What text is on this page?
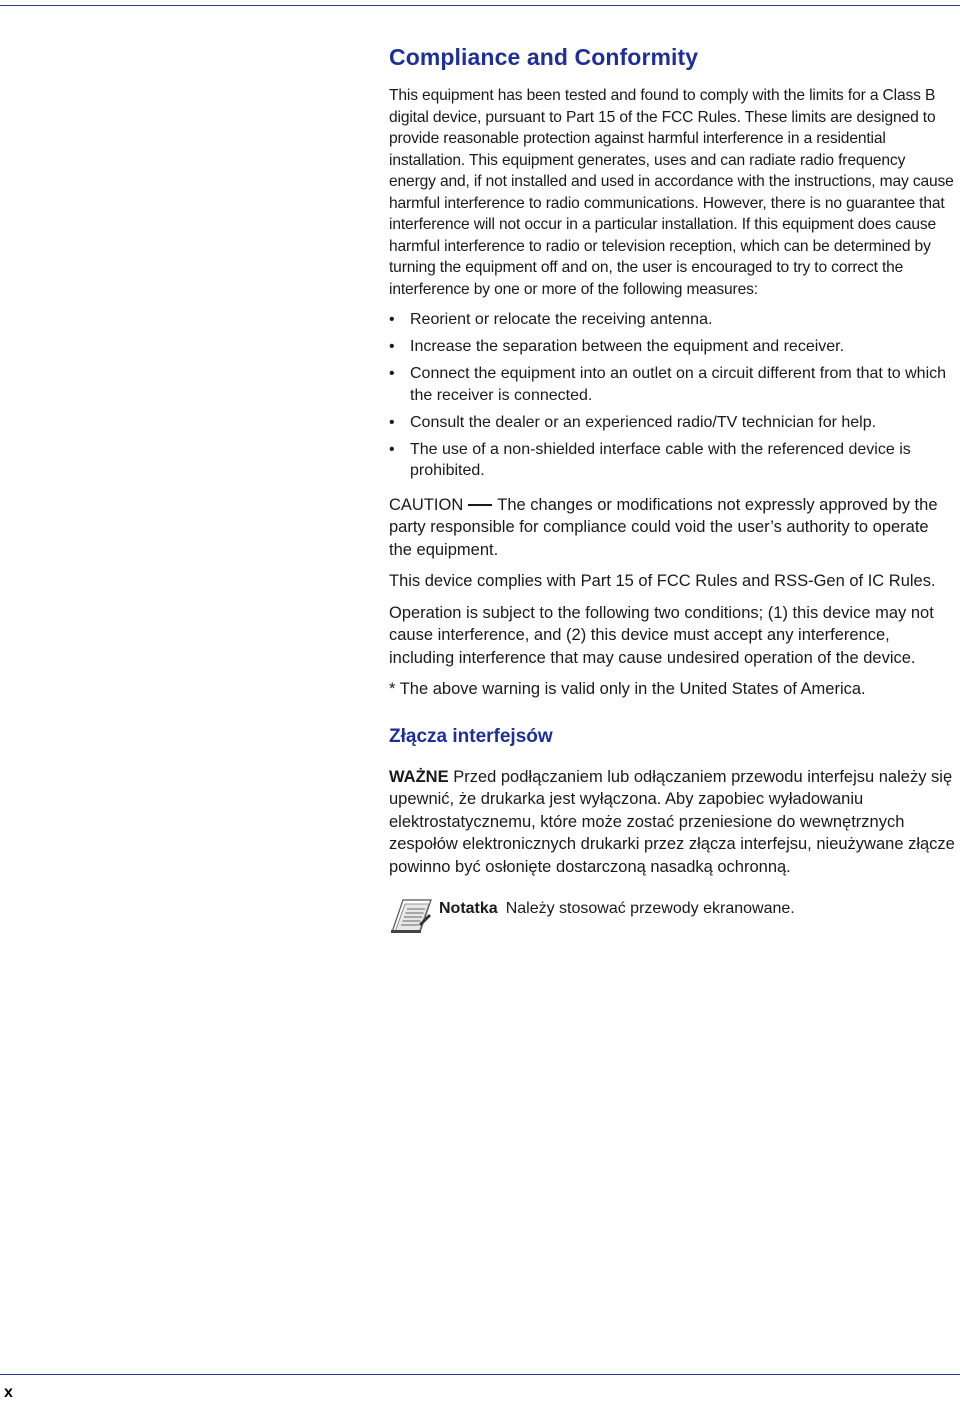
Compliance and Conformity

This equipment has been tested and found to comply with the limits for a Class B digital device, pursuant to Part 15 of the FCC Rules. These limits are designed to provide reasonable protection against harmful interference in a residential installation. This equipment generates, uses and can radiate radio frequency energy and, if not installed and used in accordance with the instructions, may cause harmful interference to radio communications. However, there is no guarantee that interference will not occur in a particular installation. If this equipment does cause harmful interference to radio or television reception, which can be determined by turning the equipment off and on, the user is encouraged to try to correct the interference by one or more of the following measures:

• Reorient or relocate the receiving antenna.
• Increase the separation between the equipment and receiver.
• Connect the equipment into an outlet on a circuit different from that to which the receiver is connected.
• Consult the dealer or an experienced radio/TV technician for help.
• The use of a non-shielded interface cable with the referenced device is prohibited.

CAUTION The changes or modifications not expressly approved by the party responsible for compliance could void the user’s authority to operate the equipment.

This device complies with Part 15 of FCC Rules and RSS-Gen of IC Rules.

Operation is subject to the following two conditions; (1) this device may not cause interference, and (2) this device must accept any interference, including interference that may cause undesired operation of the device.

* The above warning is valid only in the United States of America.

Złącza interfejsów

WAŻNE Przed podłączaniem lub odłączaniem przewodu interfejsu należy się upewnić, że drukarka jest wyłączona. Aby zapobiec wyładowaniu elektrostatycznemu, które może zostać przeniesione do wewnętrznych zespołów elektronicznych drukarki przez złącza interfejsu, nieużywane złącze powinno być osłonięte dostarczoną nasadką ochronną.

Notatka Należy stosować przewody ekranowane.
x
